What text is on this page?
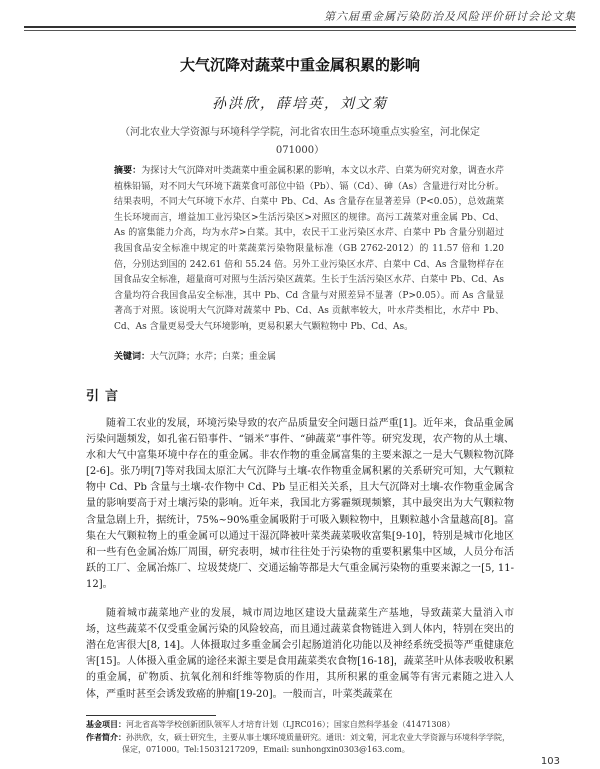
第六届重金属污染防治及风险评价研讨会论文集
大气沉降对蔬菜中重金属积累的影响
孙洪欣，薛培英，刘文菊
（河北农业大学资源与环境科学学院，河北省农田生态环境重点实验室，河北保定
071000）
摘要：为探讨大气沉降对叶类蔬菜中重金属积累的影响，本文以水芹、白菜为研究对象，调查水芹植株铅镉，对不同大气环境下蔬菜食可部位中铅（Pb）、镉（Cd）、砷（As）含量进行对比分析。结果表明，不同大气环境下水芹、白菜中 Pb、Cd、As 含量存在显著差异（P<0.05），总效蔬菜生长环境而言，增益加工业污染区>生活污染区>对照区的规律。高污工蔬菜对重金属 Pb、Cd、As 的富集能力介高，均为水芹>白菜。其中，农民干工业污染区水芹、白菜中 Pb 含量分别超过我国食品安全标准中规定的叶菜蔬菜污染物限量标准（GB 2762-2012）的 11.57 倍和 1.20 倍，分别达到国的 242.61 倍和 55.24 倍。另外工业污染区水芹、白菜中 Cd、As 含量物样存在国食品安全标准，超量商可对照与生活污染区蔬菜。生长于生活污染区水芹、白菜中 Pb、Cd、As 含量均符合我国食品安全标准，其中 Pb、Cd 含量与对照差异不显著（P>0.05）。而 As 含量显著高于对照。该说明大气沉降对蔬菜中 Pb、Cd、As 贡献率较大，叶水芹类相比，水芹中 Pb、Cd、As 含量更易受大气环境影响，更易积累大气颗粒物中 Pb、Cd、As。
关键词：大气沉降；水芹；白菜；重金属
引言

随着工农业的发展，环境污染导致的农产品质量安全问题日益严重[1]。近年来，食品重金属污染问题频发，如孔雀石铅事件、“镉米”事件、“砷蔬菜”事件等。研究发现，农产物的从土壤、水和大气中富集环境中存在的重金属。非农作物的重金属富集的主要来源之一是大气颗粒物沉降[2-6]。张乃明[7]等对我国太原汇大气沉降与土壤-农作物重金属积累的关系研究可知，大气颗粒物中 Cd、Pb 含量与土壤-农作物中 Cd、Pb 呈正相关关系，且大气沉降对土壤-农作物重金属含量的影响要高于对土壤污染的影响。近年来，我国北方雾霾频现频繁，其中最突出为大气颗粒物含量急剧上升，据统计，75%~90%重金属吸附于可吸入颗粒物中，且颗粒越小含量越高[8]。富集在大气颗粒物上的重金属可以通过干湿沉降被叶菜类蔬菜吸收富集[9-10]，特别是城市化地区和一些有色金属冶炼厂周围，研究表明，城市往往处于污染物的重要积累集中区域，人员分布活跃的工厂、金属冶炼厂、垃圾焚烧厂、交通运输等都是大气重金属污染物的重要来源之一[5, 11-12]。

随着城市蔬菜地产业的发展，城市周边地区建设大量蔬菜生产基地，导致蔬菜大量消入市场，这些蔬菜不仅受重金属污染的风险较高，而且通过蔬菜食物链进入到人体内，特别在突出的潜在危害很大[8, 14]。人体摄取过多重金属会引起肠道消化功能以及神经系统受损等严重健康危害[15]。人体摄入重金属的途径来源主要是食用蔬菜类农食物[16-18]，蔬菜茎叶从体表吸收积累的重金属，矿物质、抗氧化剂和纤维等物质的作用，其所积累的重金属等有害元素随之进入人体，严重时甚至会诱发致癌的肿瘤[19-20]。一般而言，叶菜类蔬菜在

基金项目：河北省高等学校创新团队领军人才培育计划（LJRC016）；国家自然科学基金（41471308）
作者简介：孙洪欣，女，硕士研究生，主要从事土壤环境质量研究。通讯：刘文菊，河北农业大学资源与环境科学学院，
保定，071000。Tel:15031217209，Email: sunhongxin0303@163.com。
103
